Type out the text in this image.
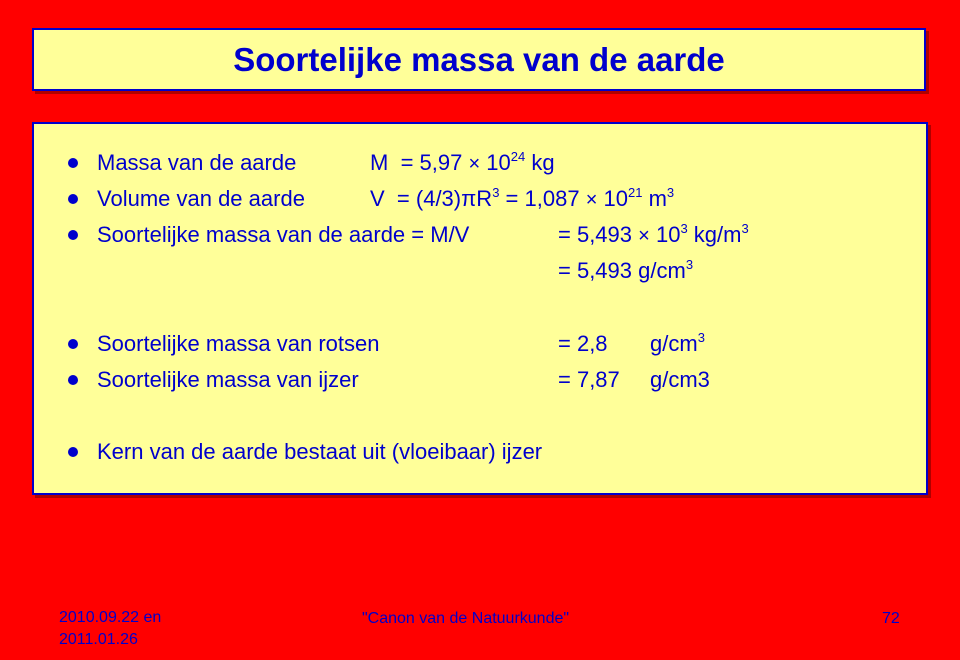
Soortelijke massa van de aarde
Massa van de aarde	$M = 5,97 \times 10^{24}$ kg
Volume van de aarde	$V = (4/3)\pi R^3 = 1,087 \times 10^{21}$ $m^3$
Soortelijke massa van de aarde = M/V	= $5,493 \times 10^3$ $kg/m^3$
= 5,493 $g/cm^3$
Soortelijke massa van rotsen	= 2,8 $g/cm^3$
Soortelijke massa van ijzer	= 7,87 g/cm3
Kern van de aarde bestaat uit (vloeibaar) ijzer
2010.09.22 en 2011.01.26
"Canon van de Natuurkunde"	72
